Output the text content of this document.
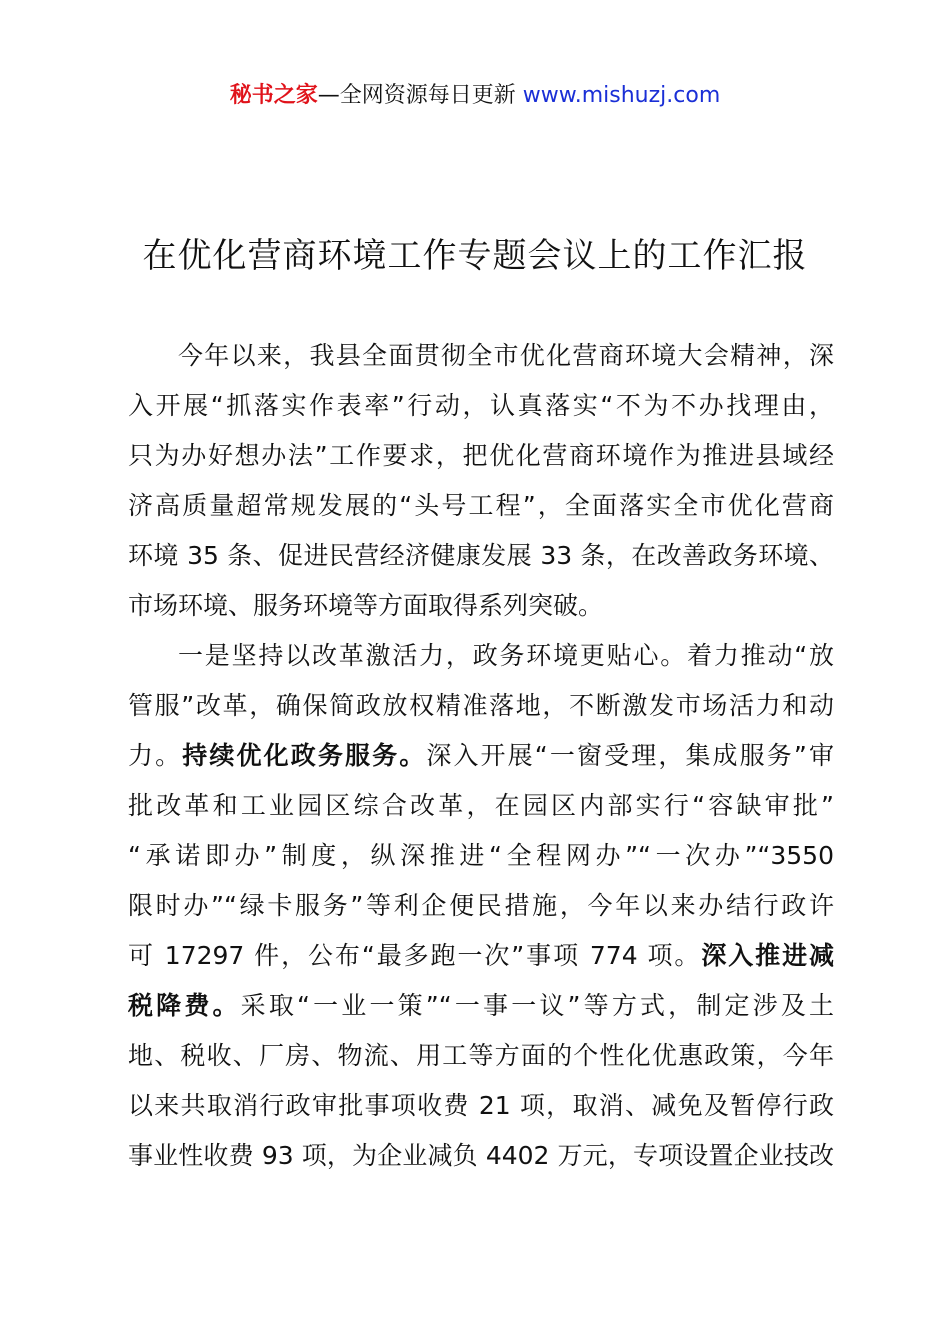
秘书之家—全网资源每日更新 www.mishuzj.com
在优化营商环境工作专题会议上的工作汇报
今年以来，我县全面贯彻全市优化营商环境大会精神，深
入开展“抓落实作表率”行动，认真落实“不为不办找理由，
只为办好想办法”工作要求，把优化营商环境作为推进县域经
济高质量超常规发展的“头号工程”，全面落实全市优化营商
环境 35 条、促进民营经济健康发展 33 条，在改善政务环境、
市场环境、服务环境等方面取得系列突破。
一是坚持以改革激活力，政务环境更贴心。着力推动“放
管服”改革，确保简政放权精准落地，不断激发市场活力和动
力。持续优化政务服务。深入开展“一窗受理，集成服务”审
批改革和工业园区综合改革，在园区内部实行“容缺审批”
“承诺即办”制度，纵深推进“全程网办”“一次办”“3550
限时办”“绿卡服务”等利企便民措施，今年以来办结行政许
可 17297 件，公布“最多跑一次”事项 774 项。深入推进减
税降费。采取“一业一策”“一事一议”等方式，制定涉及土
地、税收、厂房、物流、用工等方面的个性化优惠政策，今年
以来共取消行政审批事项收费 21 项，取消、减免及暂停行政
事业性收费 93 项，为企业减负 4402 万元，专项设置企业技改
